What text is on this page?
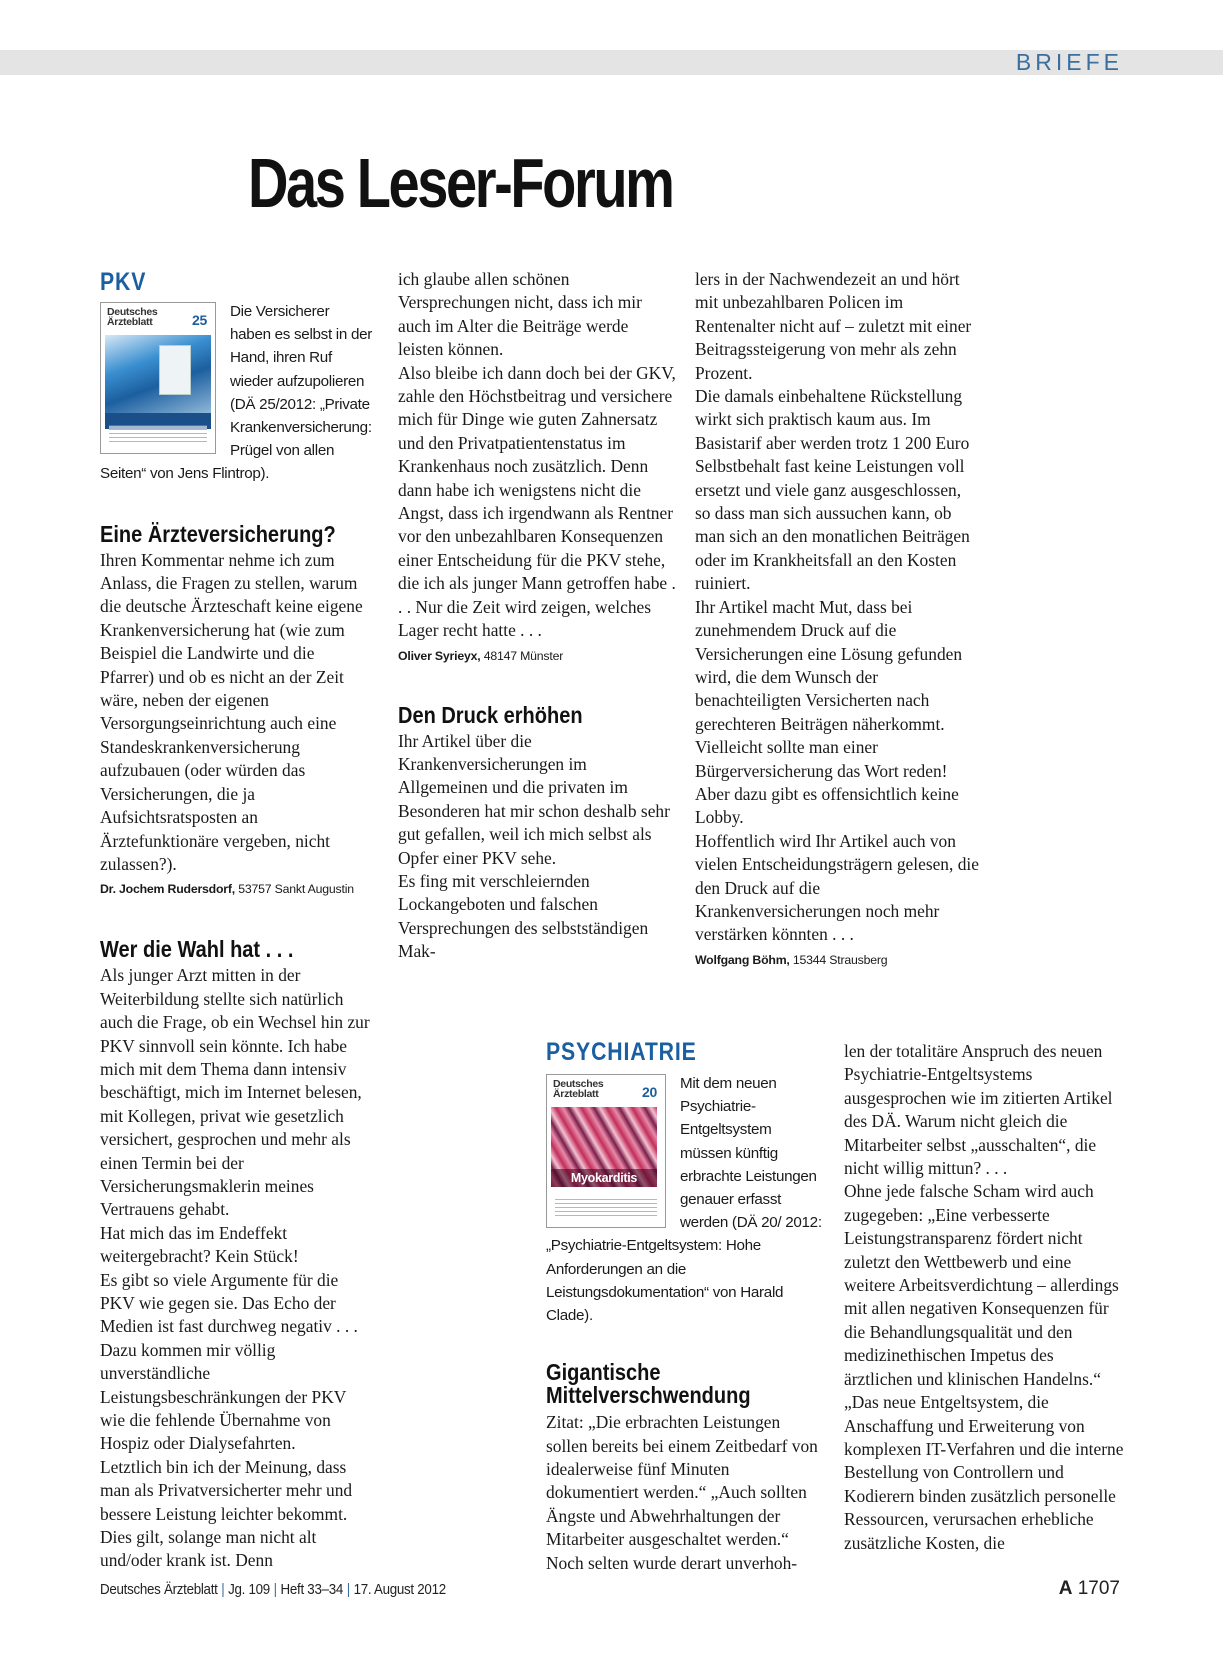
BRIEFE
Das Leser-Forum
PKV
Deutsches
Ärzteblatt	25 Die Versicherer haben es selbst in der Hand, ihren Ruf wieder aufzupolieren (DÄ 25/2012: „Private Krankenversicherung: Prügel von allen Seiten“ von Jens Flintrop).
Eine Ärzteversicherung?

Ihren Kommentar nehme ich zum Anlass, die Fragen zu stellen, warum die deutsche Ärzteschaft keine eigene Krankenversicherung hat (wie zum Beispiel die Landwirte und die Pfarrer) und ob es nicht an der Zeit wäre, neben der eigenen Versorgungseinrichtung auch eine Standeskrankenversicherung aufzubauen (oder würden das Versicherungen, die ja Aufsichtsratsposten an Ärztefunktionäre vergeben, nicht zulassen?).

Dr. Jochem Rudersdorf, 53757 Sankt Augustin
Wer die Wahl hat . . .

Als junger Arzt mitten in der Weiterbildung stellte sich natürlich auch die Frage, ob ein Wechsel hin zur PKV sinnvoll sein könnte. Ich habe mich mit dem Thema dann intensiv beschäftigt, mich im Internet belesen, mit Kollegen, privat wie gesetzlich versichert, gesprochen und mehr als einen Termin bei der Versicherungsmaklerin meines Vertrauens gehabt.

Hat mich das im Endeffekt weitergebracht? Kein Stück!

Es gibt so viele Argumente für die PKV wie gegen sie. Das Echo der Medien ist fast durchweg negativ . . . Dazu kommen mir völlig unverständliche Leistungsbeschränkungen der PKV wie die fehlende Übernahme von Hospiz oder Dialysefahrten.

Letztlich bin ich der Meinung, dass man als Privatversicherter mehr und bessere Leistung leichter bekommt. Dies gilt, solange man nicht alt und/oder krank ist. Denn

ich glaube allen schönen Versprechungen nicht, dass ich mir auch im Alter die Beiträge werde leisten können.

Also bleibe ich dann doch bei der GKV, zahle den Höchstbeitrag und versichere mich für Dinge wie guten Zahnersatz und den Privatpatientenstatus im Krankenhaus noch zusätzlich. Denn dann habe ich wenigstens nicht die Angst, dass ich irgendwann als Rentner vor den unbezahlbaren Konsequenzen einer Entscheidung für die PKV stehe, die ich als junger Mann getroffen habe . . . Nur die Zeit wird zeigen, welches Lager recht hatte . . .

Oliver Syrieyx, 48147 Münster
Den Druck erhöhen

Ihr Artikel über die Krankenversicherungen im Allgemeinen und die privaten im Besonderen hat mir schon deshalb sehr gut gefallen, weil ich mich selbst als Opfer einer PKV sehe.

Es fing mit verschleiernden Lockangeboten und falschen Versprechungen des selbstständigen Mak-

lers in der Nachwendezeit an und hört mit unbezahlbaren Policen im Rentenalter nicht auf – zuletzt mit einer Beitragssteigerung von mehr als zehn Prozent.

Die damals einbehaltene Rückstellung wirkt sich praktisch kaum aus. Im Basistarif aber werden trotz 1 200 Euro Selbstbehalt fast keine Leistungen voll ersetzt und viele ganz ausgeschlossen, so dass man sich aussuchen kann, ob man sich an den monatlichen Beiträgen oder im Krankheitsfall an den Kosten ruiniert.

Ihr Artikel macht Mut, dass bei zunehmendem Druck auf die Versicherungen eine Lösung gefunden wird, die dem Wunsch der benachteiligten Versicherten nach gerechteren Beiträgen näherkommt.

Vielleicht sollte man einer Bürgerversicherung das Wort reden! Aber dazu gibt es offensichtlich keine Lobby.

Hoffentlich wird Ihr Artikel auch von vielen Entscheidungsträgern gelesen, die den Druck auf die Krankenversicherungen noch mehr verstärken könnten . . .

Wolfgang Böhm, 15344 Strausberg
PSYCHIATRIE
Deutsches
Ärzteblatt	20
Myokarditis
Mit dem neuen Psychiatrie-Entgeltsystem müssen künftig erbrachte Leistungen genauer erfasst werden (DÄ 20/ 2012: „Psychiatrie-Entgeltsystem: Hohe Anforderungen an die Leistungsdokumentation“ von Harald Clade).
Gigantische Mittelverschwendung

Zitat: „Die erbrachten Leistungen sollen bereits bei einem Zeitbedarf von idealerweise fünf Minuten dokumentiert werden.“ „Auch sollten Ängste und Abwehrhaltungen der Mitarbeiter ausgeschaltet werden.“ Noch selten wurde derart unverhoh-

len der totalitäre Anspruch des neuen Psychiatrie-Entgeltsystems ausgesprochen wie im zitierten Artikel des DÄ. Warum nicht gleich die Mitarbeiter selbst „ausschalten“, die nicht willig mittun? . . .

Ohne jede falsche Scham wird auch zugegeben: „Eine verbesserte Leistungstransparenz fördert nicht zuletzt den Wettbewerb und eine weitere Arbeitsverdichtung – allerdings mit allen negativen Konsequenzen für die Behandlungsqualität und den medizinethischen Impetus des ärztlichen und klinischen Handelns.“

„Das neue Entgeltsystem, die Anschaffung und Erweiterung von komplexen IT-Verfahren und die interne Bestellung von Controllern und Kodierern binden zusätzlich personelle Ressourcen, verursachen erhebliche zusätzliche Kosten, die

Deutsches Ärzteblatt | Jg. 109 | Heft 33–34 | 17. August 2012	A 1707
